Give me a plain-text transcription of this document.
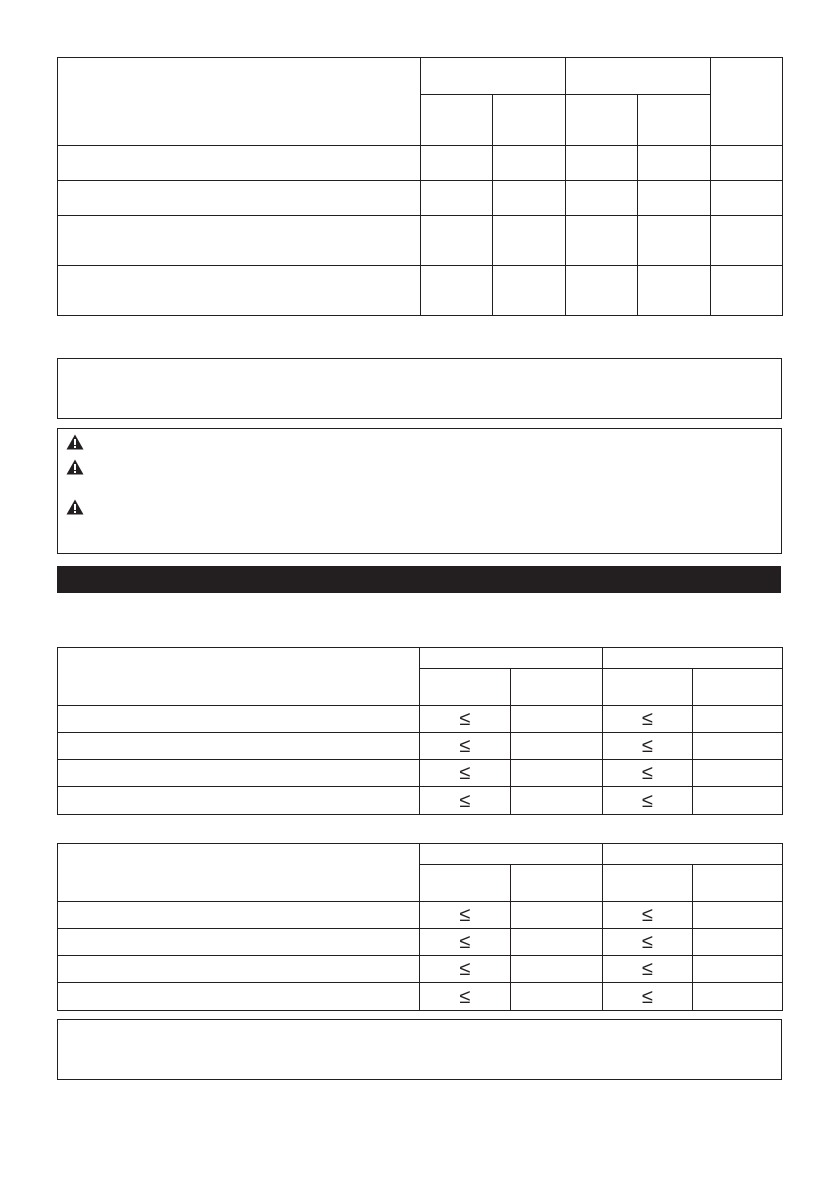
	≤		≤	
	≤		≤	
	≤		≤	
	≤		≤	

	≤		≤	
	≤		≤	
	≤		≤	
	≤		≤	
